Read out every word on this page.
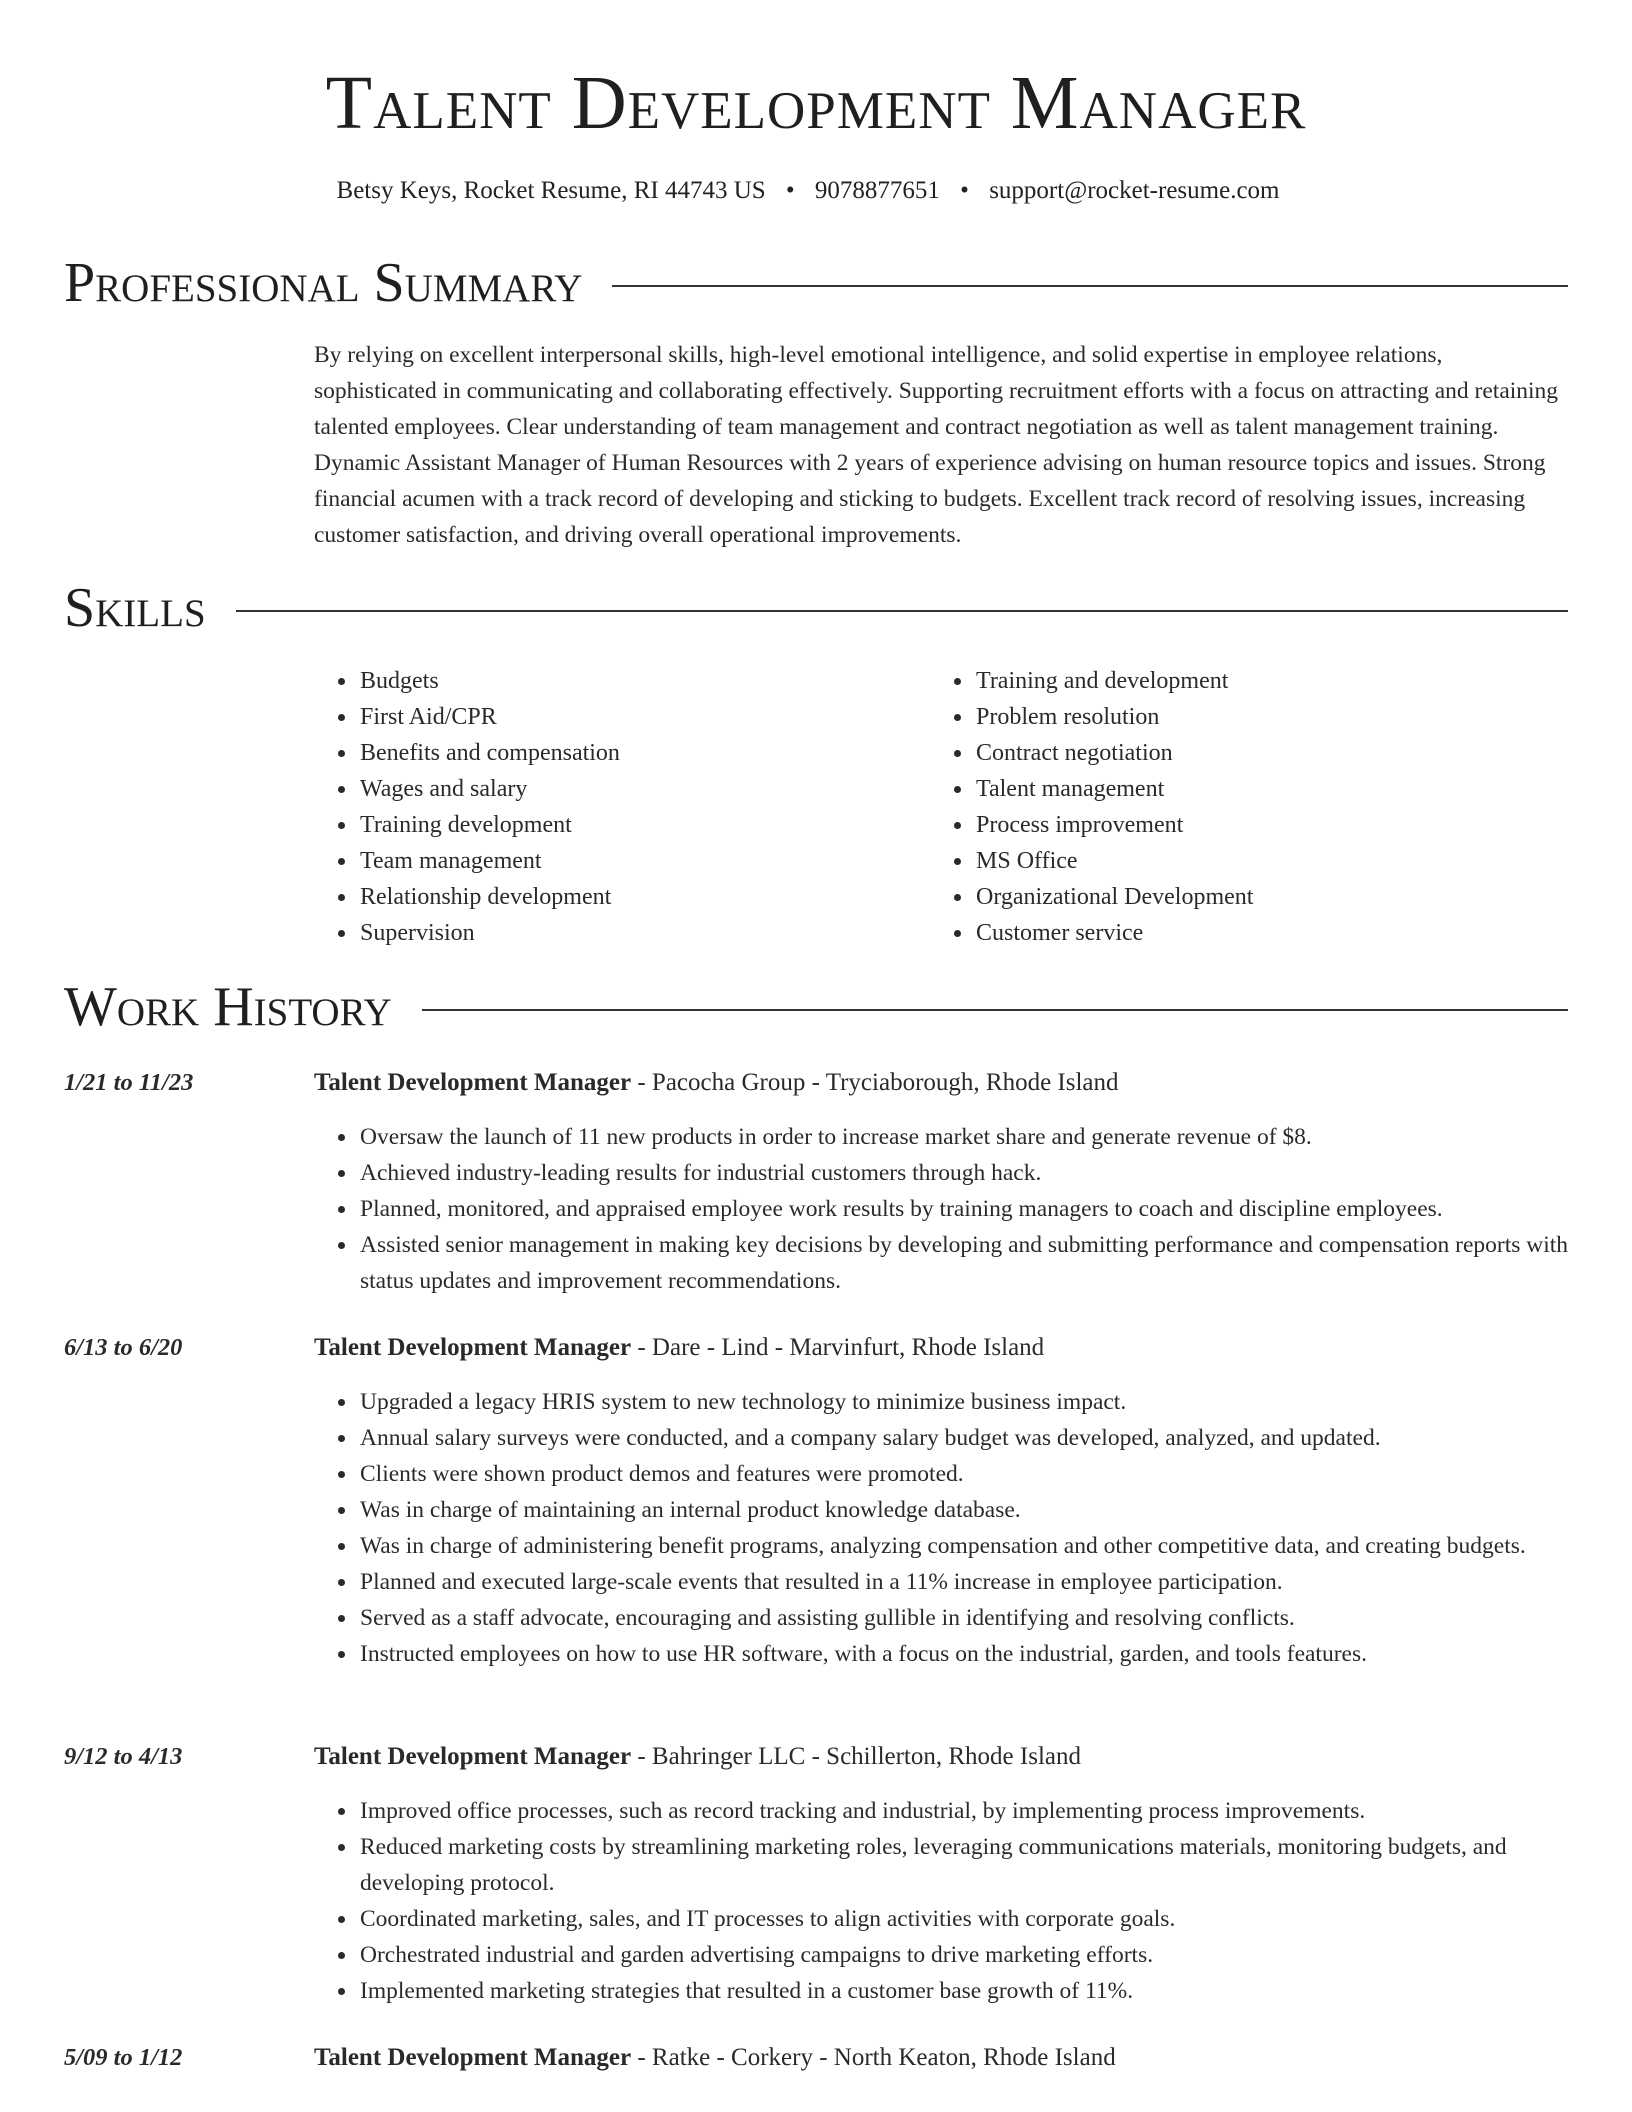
Talent Development Manager
Betsy Keys, Rocket Resume, RI 44743 US • 9078877651 • support@rocket-resume.com
Professional Summary

By relying on excellent interpersonal skills, high-level emotional intelligence, and solid expertise in employee relations, sophisticated in communicating and collaborating effectively. Supporting recruitment efforts with a focus on attracting and retaining talented employees. Clear understanding of team management and contract negotiation as well as talent management training. Dynamic Assistant Manager of Human Resources with 2 years of experience advising on human resource topics and issues. Strong financial acumen with a track record of developing and sticking to budgets. Excellent track record of resolving issues, increasing customer satisfaction, and driving overall operational improvements.

Skills
• Budgets
• First Aid/CPR
• Benefits and compensation
• Wages and salary
• Training development
• Team management
• Relationship development
• Supervision
• Training and development
• Problem resolution
• Contract negotiation
• Talent management
• Process improvement
• MS Office
• Organizational Development
• Customer service
Work History
1/21 to 11/23	Talent Development Manager - Pacocha Group - Tryciaborough, Rhode Island
• Oversaw the launch of 11 new products in order to increase market share and generate revenue of $8.
• Achieved industry-leading results for industrial customers through hack.
• Planned, monitored, and appraised employee work results by training managers to coach and discipline employees.
• Assisted senior management in making key decisions by developing and submitting performance and compensation reports with status updates and improvement recommendations.
6/13 to 6/20	Talent Development Manager - Dare - Lind - Marvinfurt, Rhode Island
• Upgraded a legacy HRIS system to new technology to minimize business impact.
• Annual salary surveys were conducted, and a company salary budget was developed, analyzed, and updated.
• Clients were shown product demos and features were promoted.
• Was in charge of maintaining an internal product knowledge database.
• Was in charge of administering benefit programs, analyzing compensation and other competitive data, and creating budgets.
• Planned and executed large-scale events that resulted in a 11% increase in employee participation.
• Served as a staff advocate, encouraging and assisting gullible in identifying and resolving conflicts.
• Instructed employees on how to use HR software, with a focus on the industrial, garden, and tools features.
9/12 to 4/13	Talent Development Manager - Bahringer LLC - Schillerton, Rhode Island
• Improved office processes, such as record tracking and industrial, by implementing process improvements.
• Reduced marketing costs by streamlining marketing roles, leveraging communications materials, monitoring budgets, and developing protocol.
• Coordinated marketing, sales, and IT processes to align activities with corporate goals.
• Orchestrated industrial and garden advertising campaigns to drive marketing efforts.
• Implemented marketing strategies that resulted in a customer base growth of 11%.
5/09 to 1/12	Talent Development Manager - Ratke - Corkery - North Keaton, Rhode Island
